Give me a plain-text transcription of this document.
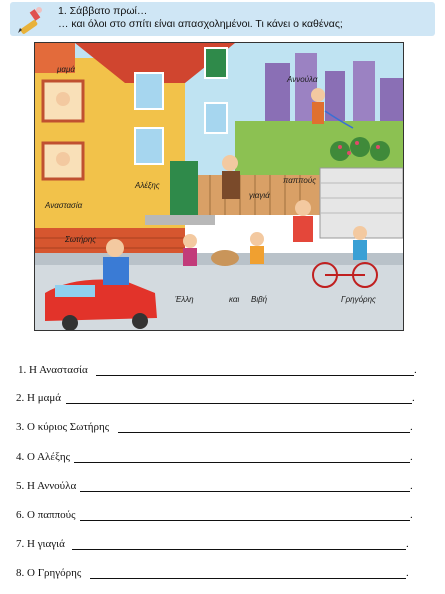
1. Σάββατο πρωί…
… και όλοι στο σπίτι είναι απασχολημένοι. Τι κάνει ο καθένας;
μαμά
Αναστασία
Αλέξης
Αννούλα
γιαγιά
παππούς
Σωτήρης
Έλλη	και Βιβή	Γρηγόρης
1. Η Αναστασία	.
2. Η μαμά	.
3. Ο κύριος Σωτήρης	.
4. Ο Αλέξης	.
5. Η Αννούλα	.
6. Ο παππούς	.
7. Η γιαγιά	.
8. Ο Γρηγόρης	.
